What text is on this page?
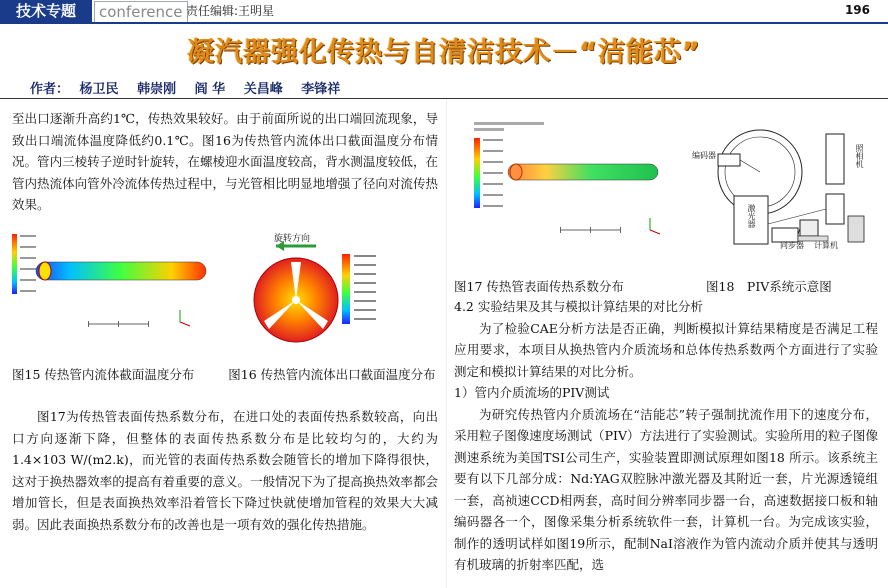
技术专题	conference 责任编辑:王明星	196
凝汽器强化传热与自清洁技术－“洁能芯”
作者： 杨卫民 韩崇刚 阎 华 关昌峰 李锋祥

至出口逐渐升高约1℃，传热效果较好。由于前面所说的出口端回流现象，导致出口端流体温度降低约0.1℃。图16为传热管内流体出口截面温度分布情况。管内三棱转子逆时针旋转，在螺棱迎水面温度较高，背水测温度较低，在管内热流体向管外冷流体传热过程中，与光管相比明显地增强了径向对流传热效果。

旋转方向
图15 传热管内流体截面温度分布	图16 传热管内流体出口截面温度分布

图17为传热管表面传热系数分布，在进口处的表面传热系数较高，向出口方向逐渐下降，但整体的表面传热系数分布是比较均匀的，大约为1.4×103 W/(m2.k)，而光管的表面传热系数会随管长的增加下降得很快，这对于换热器效率的提高有着重要的意义。一般情况下为了提高换热效率都会增加管长，但是表面换热效率沿着管长下降过快就使增加管程的效果大大减弱。因此表面换热系数分布的改善也是一项有效的强化传热措施。

编码器
激光器
照相机
同步器 计算机
图17 传热管表面传热系数分布	图18　PIV系统示意图

4.2 实验结果及其与模拟计算结果的对比分析

为了检验CAE分析方法是否正确，判断模拟计算结果精度是否满足工程应用要求，本项目从换热管内介质流场和总体传热系数两个方面进行了实验测定和模拟计算结果的对比分析。

1）管内介质流场的PIV测试

为研究传热管内介质流场在“洁能芯”转子强制扰流作用下的速度分布，采用粒子图像速度场测试（PIV）方法进行了实验测试。实验所用的粒子图像测速系统为美国TSI公司生产，实验装置即测试原理如图18 所示。该系统主要有以下几部分成：Nd:YAG双腔脉冲激光器及其附近一套，片光源透镜组一套，高祯速CCD相两套，高时间分辨率同步器一台，高速数据接口板和轴编码器各一个，图像采集分析系统软件一套，计算机一台。为完成该实验，制作的透明试样如图19所示，配制NaI溶液作为管内流动介质并使其与透明有机玻璃的折射率匹配，选
